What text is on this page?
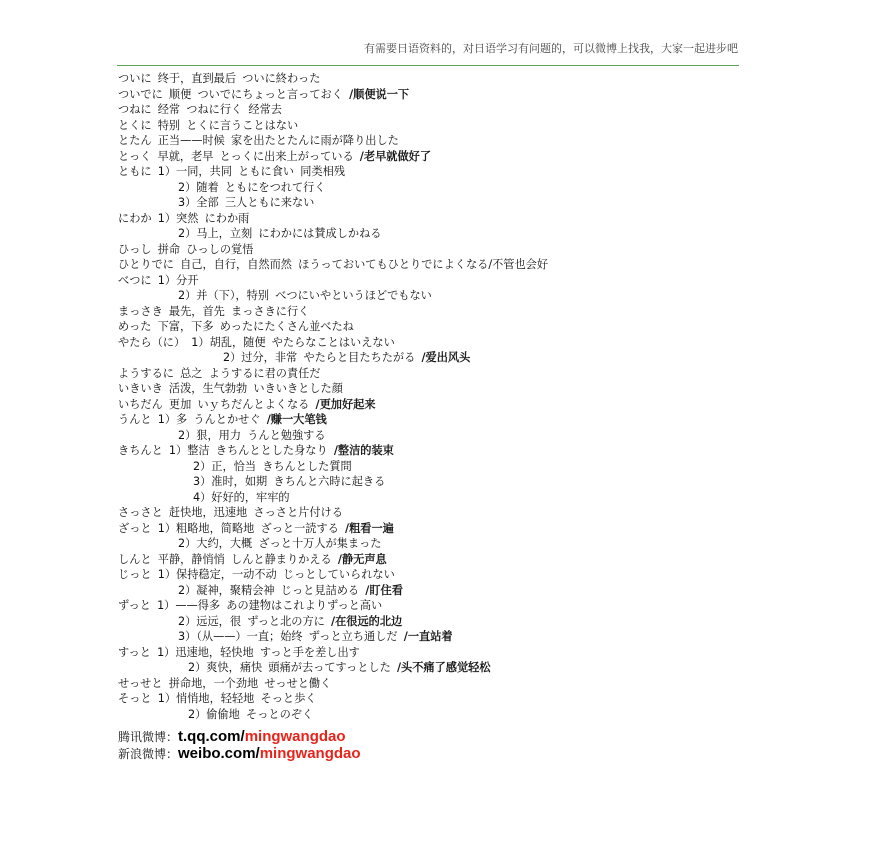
有需要日语资料的，对日语学习有问题的，可以微博上找我，大家一起进步吧
ついに 终于，直到最后 ついに終わった
ついでに 顺便 ついでにちょっと言っておく /顺便说一下
つねに 经常 つねに行く 经常去
とくに 特别 とくに言うことはない
とたん 正当——时候 家を出たとたんに雨が降り出した
とっく 早就，老早 とっくに出来上がっている /老早就做好了
ともに 1）一同，共同 ともに食い 同类相残
2）随着 ともにをつれて行く
3）全部 三人ともに来ない
にわか 1）突然 にわか雨
2）马上，立刻 にわかには賛成しかねる
ひっし 拼命 ひっしの覚悟
ひとりでに 自己，自行，自然而然 ほうっておいてもひとりでによくなる/不管也会好
べつに 1）分开
2）并（下），特别 べつにいやというほどでもない
まっさき 最先，首先 まっさきに行く
めった 下富，下多 めったにたくさん並べたね
やたら（に） 1）胡乱，随便 やたらなことはいえない
2）过分，非常 やたらと目たちたがる /爱出风头
ようするに 总之 ようするに君の責任だ
いきいき 活泼，生气勃勃 いきいきとした顔
いちだん 更加 いｙちだんとよくなる /更加好起来
うんと 1）多 うんとかせぐ /赚一大笔钱
2）狠，用力 うんと勉強する
きちんと 1）整洁 きちんととした身なり /整洁的装束
2）正，恰当 きちんとした質問
3）准时，如期 きちんと六時に起きる
4）好好的，牢牢的
さっさと 赶快地，迅速地 さっさと片付ける
ざっと 1）粗略地，简略地 ざっと一読する /粗看一遍
2）大约，大概 ざっと十万人が集まった
しんと 平静，静悄悄 しんと静まりかえる /静无声息
じっと 1）保持稳定，一动不动 じっとしていられない
2）凝神，聚精会神 じっと見詰める /盯住看
ずっと 1）——得多 あの建物はこれよりずっと高い
2）远远，很 ずっと北の方に /在很远的北边
3）（从——）一直；始终 ずっと立ち通しだ /一直站着
すっと 1）迅速地，轻快地 すっと手を差し出す
2）爽快，痛快 頭痛が去ってすっとした /头不痛了感觉轻松
せっせと 拼命地，一个劲地 せっせと働く
そっと 1）悄悄地，轻轻地 そっと歩く
2）偷偷地 そっとのぞく
腾讯微博：t.qq.com/mingwangdao
新浪微博：weibo.com/mingwangdao
